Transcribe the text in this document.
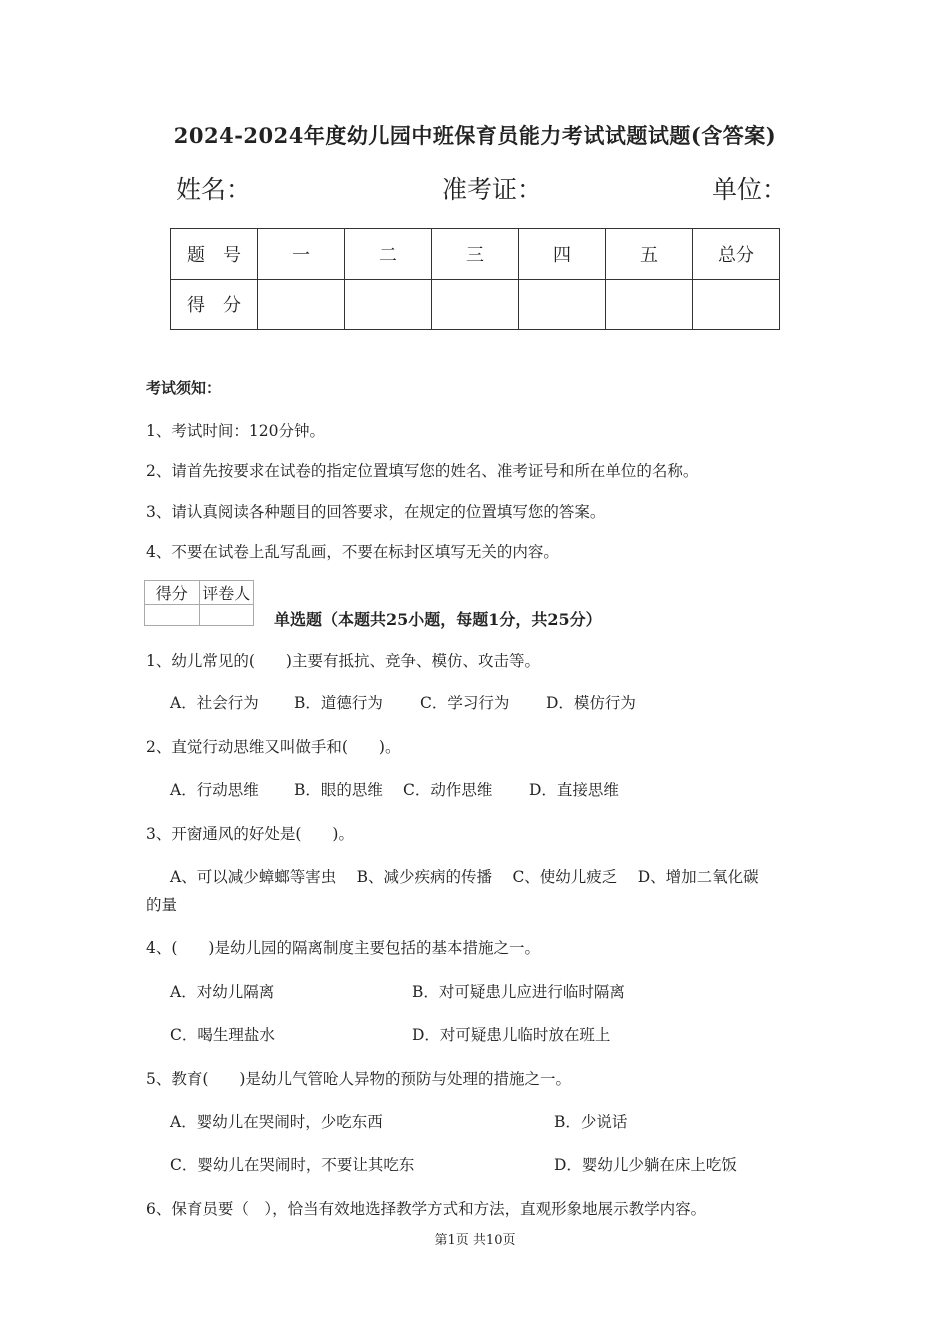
2024-2024年度幼儿园中班保育员能力考试试题试题(含答案)
姓名：	准考证：	单位：
题　号	一	二	三	四	五	总分
得　分						
考试须知：
1、考试时间：120分钟。
2、请首先按要求在试卷的指定位置填写您的姓名、准考证号和所在单位的名称。
3、请认真阅读各种题目的回答要求，在规定的位置填写您的答案。
4、不要在试卷上乱写乱画，不要在标封区填写无关的内容。
得分	评卷人

单选题（本题共25小题，每题1分，共25分）
1、幼儿常见的(　　)主要有抵抗、竞争、模仿、攻击等。
A．社会行为 B．道德行为 C．学习行为 D．模仿行为
2、直觉行动思维又叫做手和(　　)。
A．行动思维 B．眼的思维 C．动作思维 D．直接思维
3、开窗通风的好处是(　　)。
A、可以减少蟑螂等害虫　 B、减少疾病的传播　 C、使幼儿疲乏　 D、增加二氧化碳
的量
4、(　　)是幼儿园的隔离制度主要包括的基本措施之一。
A．对幼儿隔离	B．对可疑患儿应进行临时隔离
C．喝生理盐水	D．对可疑患儿临时放在班上
5、教育(　　)是幼儿气管呛人异物的预防与处理的措施之一。
A．婴幼儿在哭闹时，少吃东西	B．少说话
C．婴幼儿在哭闹时，不要让其吃东	D．婴幼儿少躺在床上吃饭
6、保育员要（　），恰当有效地选择教学方式和方法，直观形象地展示教学内容。
第1页 共10页
